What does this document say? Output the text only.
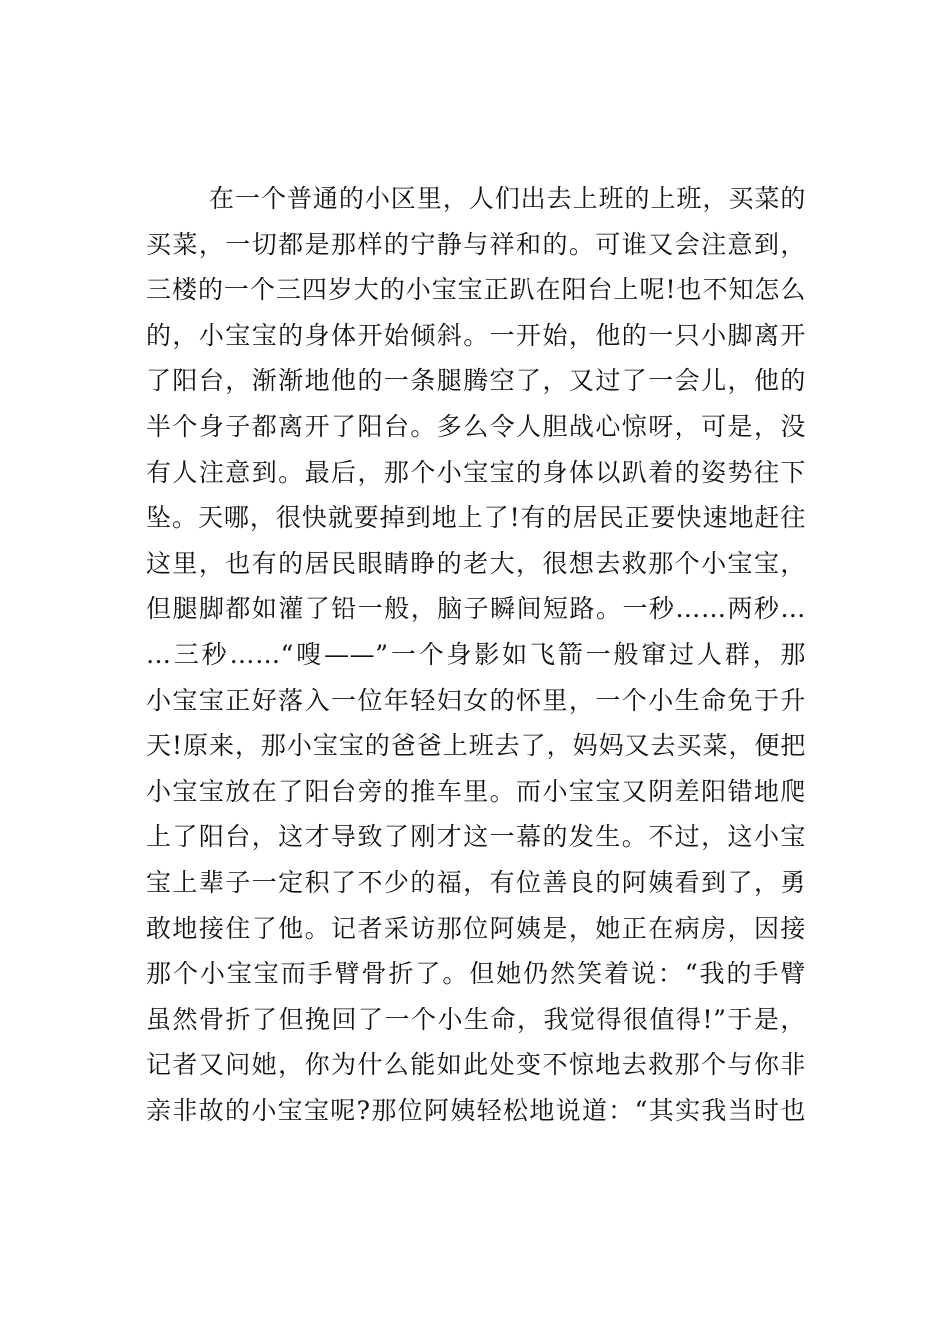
在一个普通的小区里，人们出去上班的上班，买菜的
买菜，一切都是那样的宁静与祥和的。可谁又会注意到，
三楼的一个三四岁大的小宝宝正趴在阳台上呢!也不知怎么
的，小宝宝的身体开始倾斜。一开始，他的一只小脚离开
了阳台，渐渐地他的一条腿腾空了，又过了一会儿，他的
半个身子都离开了阳台。多么令人胆战心惊呀，可是，没
有人注意到。最后，那个小宝宝的身体以趴着的姿势往下
坠。天哪，很快就要掉到地上了!有的居民正要快速地赶往
这里，也有的居民眼睛睁的老大，很想去救那个小宝宝，
但腿脚都如灌了铅一般，脑子瞬间短路。一秒……两秒…
…三秒……“嗖——”一个身影如飞箭一般窜过人群，那
小宝宝正好落入一位年轻妇女的怀里，一个小生命免于升
天!原来，那小宝宝的爸爸上班去了，妈妈又去买菜，便把
小宝宝放在了阳台旁的推车里。而小宝宝又阴差阳错地爬
上了阳台，这才导致了刚才这一幕的发生。不过，这小宝
宝上辈子一定积了不少的福，有位善良的阿姨看到了，勇
敢地接住了他。记者采访那位阿姨是，她正在病房，因接
那个小宝宝而手臂骨折了。但她仍然笑着说：“我的手臂
虽然骨折了但挽回了一个小生命，我觉得很值得!”于是，
记者又问她，你为什么能如此处变不惊地去救那个与你非
亲非故的小宝宝呢?那位阿姨轻松地说道：“其实我当时也
